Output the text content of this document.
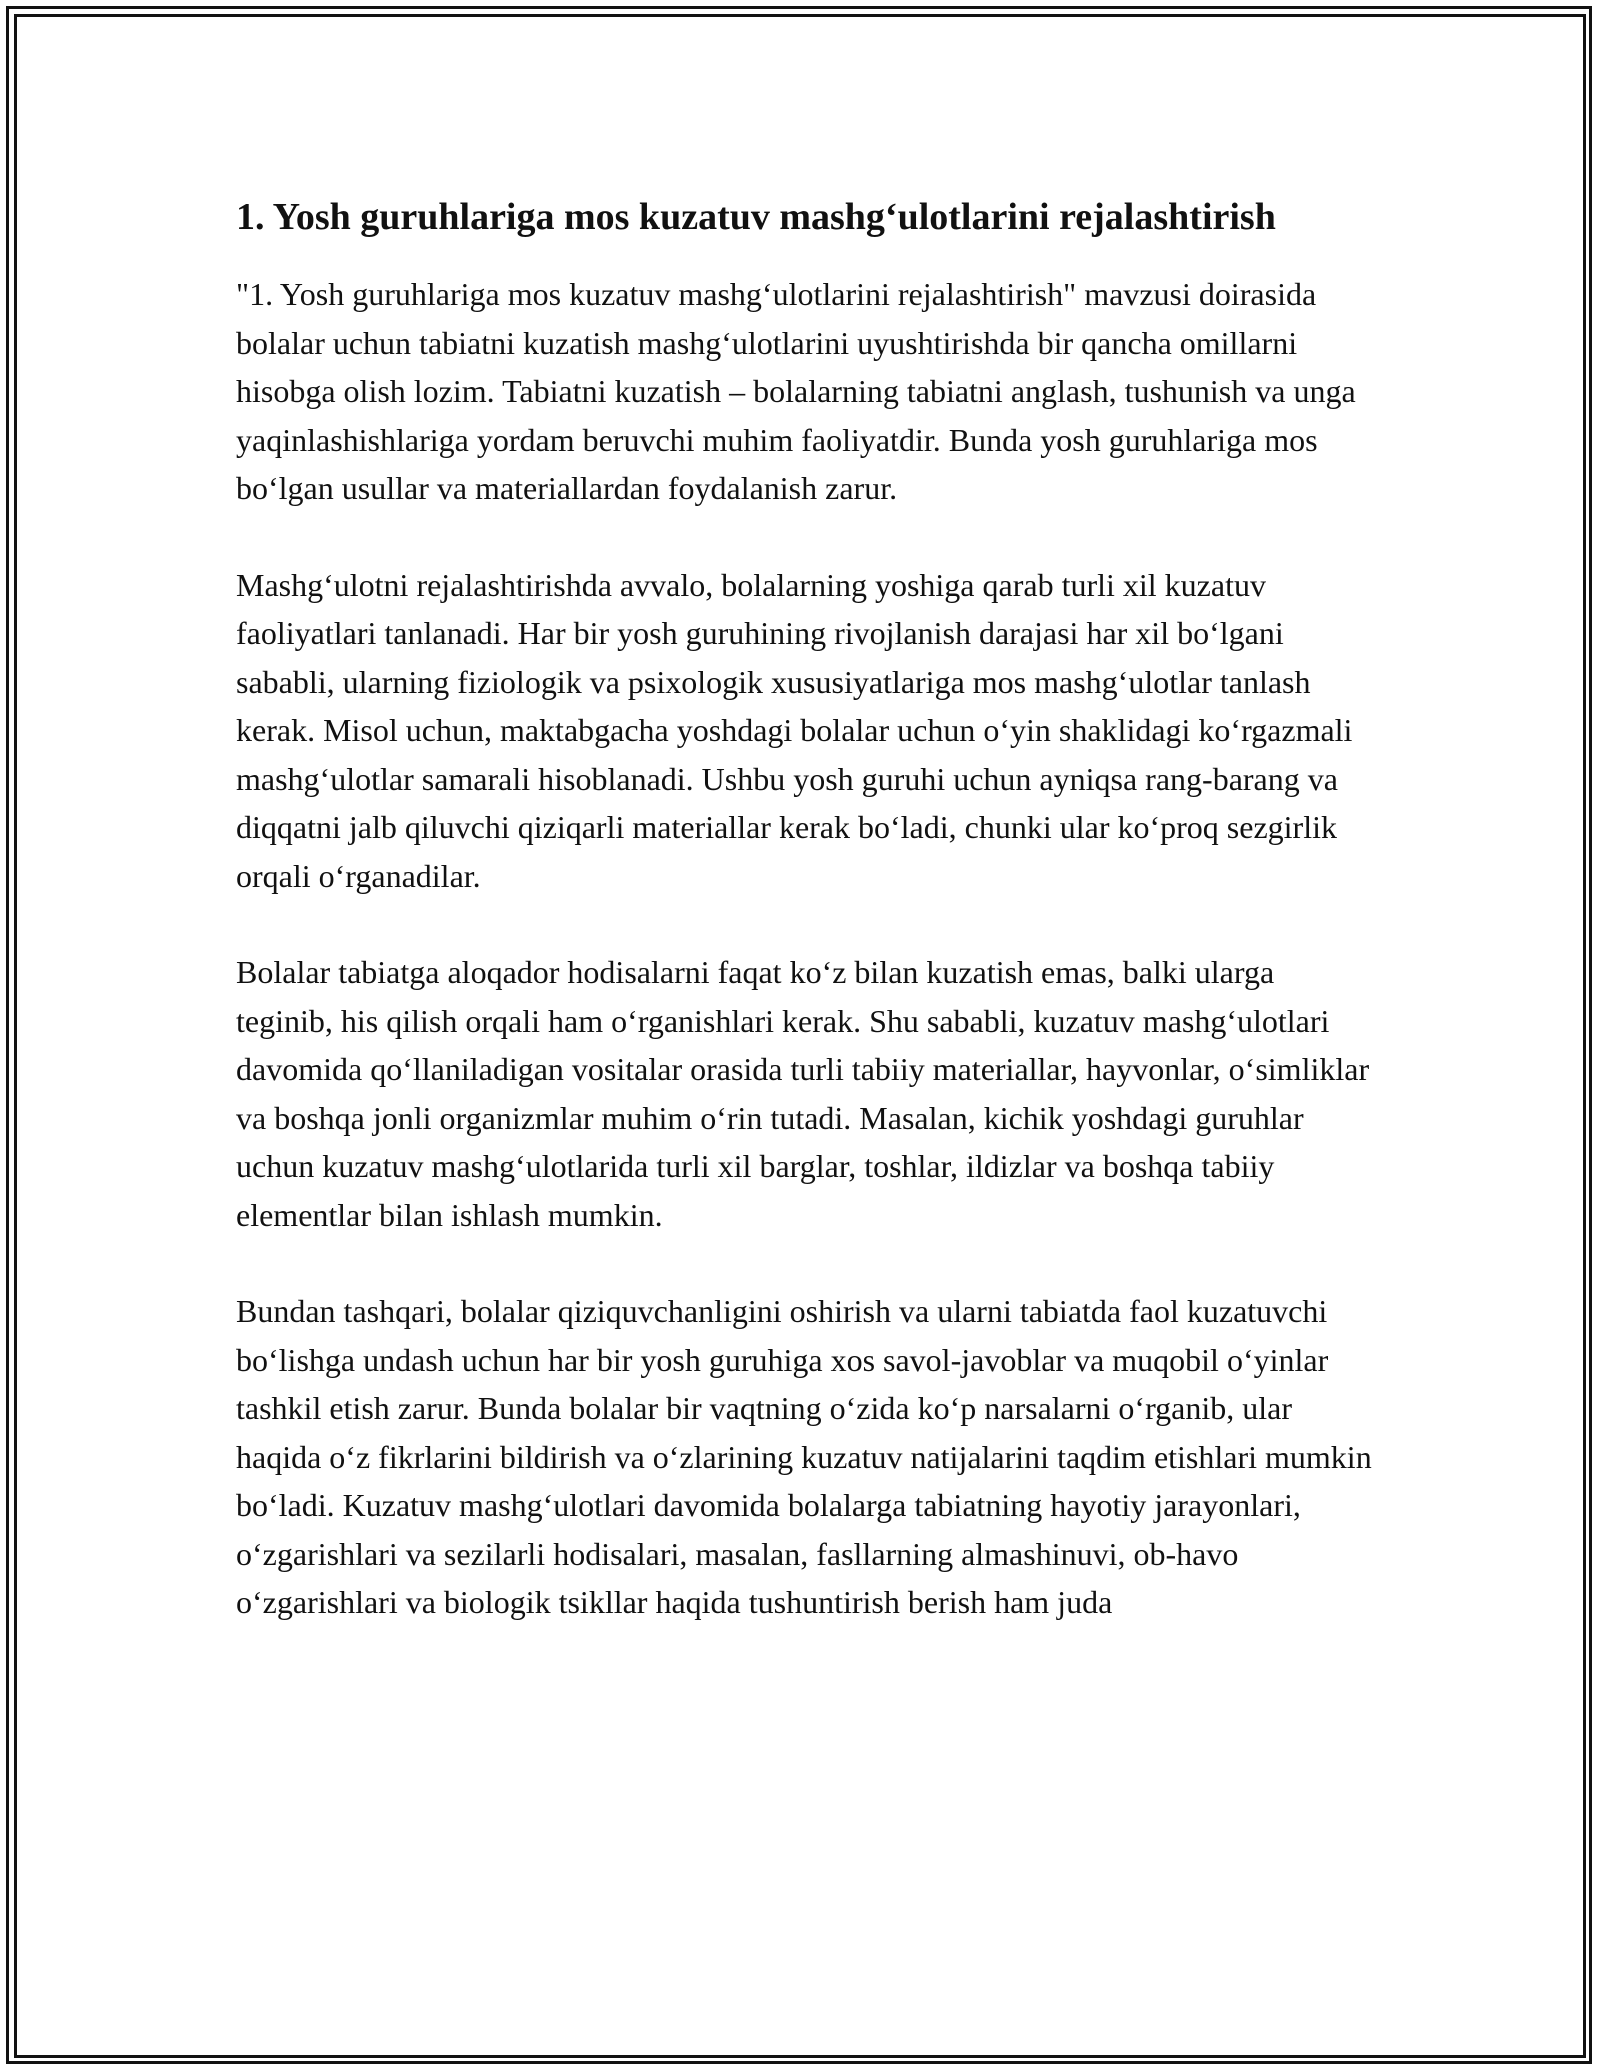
1. Yosh guruhlariga mos kuzatuv mashg‘ulotlarini rejalashtirish

"1. Yosh guruhlariga mos kuzatuv mashg‘ulotlarini rejalashtirish" mavzusi doirasida bolalar uchun tabiatni kuzatish mashg‘ulotlarini uyushtirishda bir qancha omillarni hisobga olish lozim. Tabiatni kuzatish – bolalarning tabiatni anglash, tushunish va unga yaqinlashishlariga yordam beruvchi muhim faoliyatdir. Bunda yosh guruhlariga mos bo‘lgan usullar va materiallardan foydalanish zarur.

Mashg‘ulotni rejalashtirishda avvalo, bolalarning yoshiga qarab turli xil kuzatuv faoliyatlari tanlanadi. Har bir yosh guruhining rivojlanish darajasi har xil bo‘lgani sababli, ularning fiziologik va psixologik xususiyatlariga mos mashg‘ulotlar tanlash kerak. Misol uchun, maktabgacha yoshdagi bolalar uchun o‘yin shaklidagi ko‘rgazmali mashg‘ulotlar samarali hisoblanadi. Ushbu yosh guruhi uchun ayniqsa rang-barang va diqqatni jalb qiluvchi qiziqarli materiallar kerak bo‘ladi, chunki ular ko‘proq sezgirlik orqali o‘rganadilar.

Bolalar tabiatga aloqador hodisalarni faqat ko‘z bilan kuzatish emas, balki ularga teginib, his qilish orqali ham o‘rganishlari kerak. Shu sababli, kuzatuv mashg‘ulotlari davomida qo‘llaniladigan vositalar orasida turli tabiiy materiallar, hayvonlar, o‘simliklar va boshqa jonli organizmlar muhim o‘rin tutadi. Masalan, kichik yoshdagi guruhlar uchun kuzatuv mashg‘ulotlarida turli xil barglar, toshlar, ildizlar va boshqa tabiiy elementlar bilan ishlash mumkin.

Bundan tashqari, bolalar qiziquvchanligini oshirish va ularni tabiatda faol kuzatuvchi bo‘lishga undash uchun har bir yosh guruhiga xos savol-javoblar va muqobil o‘yinlar tashkil etish zarur. Bunda bolalar bir vaqtning o‘zida ko‘p narsalarni o‘rganib, ular haqida o‘z fikrlarini bildirish va o‘zlarining kuzatuv natijalarini taqdim etishlari mumkin bo‘ladi. Kuzatuv mashg‘ulotlari davomida bolalarga tabiatning hayotiy jarayonlari, o‘zgarishlari va sezilarli hodisalari, masalan, fasllarning almashinuvi, ob-havo o‘zgarishlari va biologik tsikllar haqida tushuntirish berish ham juda
